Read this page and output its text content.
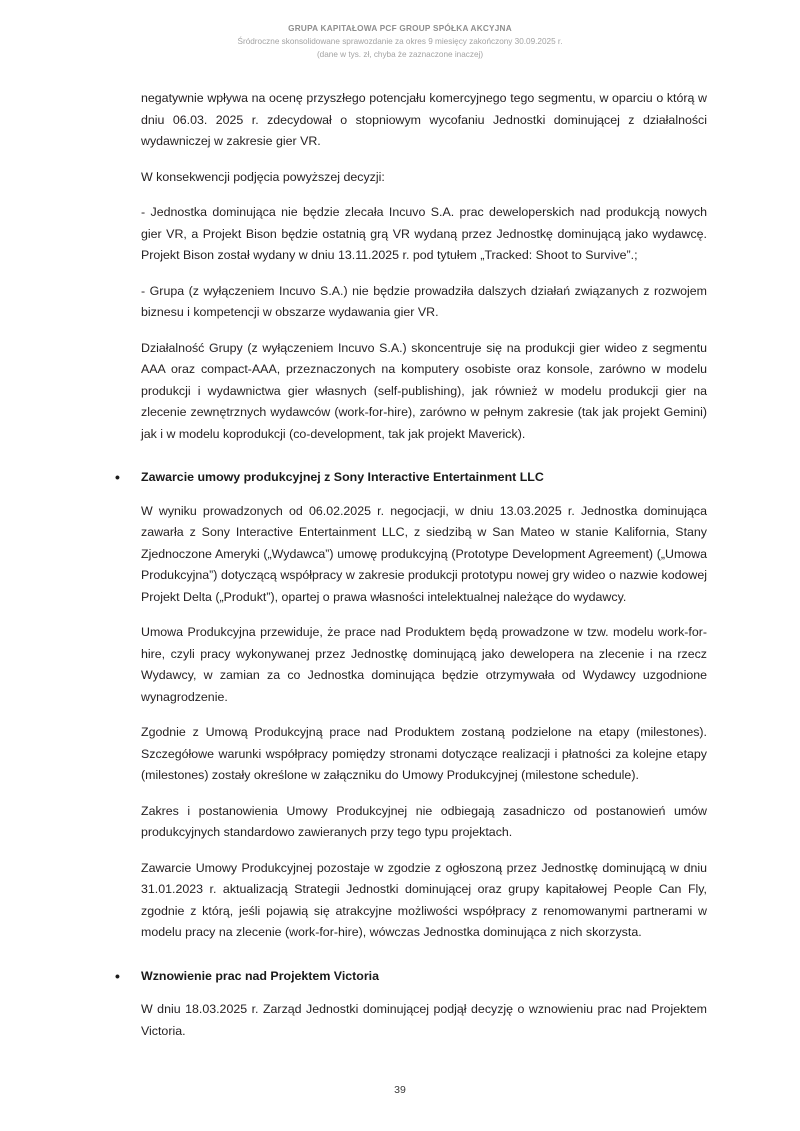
GRUPA KAPITAŁOWA PCF GROUP SPÓŁKA AKCYJNA
Śródroczne skonsolidowane sprawozdanie za okres 9 miesięcy zakończony 30.09.2025 r.
(dane w tys. zł, chyba że zaznaczone inaczej)

negatywnie wpływa na ocenę przyszłego potencjału komercyjnego tego segmentu, w oparciu o którą w dniu 06.03. 2025 r. zdecydował o stopniowym wycofaniu Jednostki dominującej z działalności wydawniczej w zakresie gier VR.

W konsekwencji podjęcia powyższej decyzji:

- Jednostka dominująca nie będzie zlecała Incuvo S.A. prac deweloperskich nad produkcją nowych gier VR, a Projekt Bison będzie ostatnią grą VR wydaną przez Jednostkę dominującą jako wydawcę. Projekt Bison został wydany w dniu 13.11.2025 r. pod tytułem „Tracked: Shoot to Survive”.;

- Grupa (z wyłączeniem Incuvo S.A.) nie będzie prowadziła dalszych działań związanych z rozwojem biznesu i kompetencji w obszarze wydawania gier VR.

Działalność Grupy (z wyłączeniem Incuvo S.A.) skoncentruje się na produkcji gier wideo z segmentu AAA oraz compact-AAA, przeznaczonych na komputery osobiste oraz konsole, zarówno w modelu produkcji i wydawnictwa gier własnych (self-publishing), jak również w modelu produkcji gier na zlecenie zewnętrznych wydawców (work-for-hire), zarówno w pełnym zakresie (tak jak projekt Gemini) jak i w modelu koprodukcji (co-development, tak jak projekt Maverick).

•	Zawarcie umowy produkcyjnej z Sony Interactive Entertainment LLC

W wyniku prowadzonych od 06.02.2025 r. negocjacji, w dniu 13.03.2025 r. Jednostka dominująca zawarła z Sony Interactive Entertainment LLC, z siedzibą w San Mateo w stanie Kalifornia, Stany Zjednoczone Ameryki („Wydawca”) umowę produkcyjną (Prototype Development Agreement) („Umowa Produkcyjna”) dotyczącą współpracy w zakresie produkcji prototypu nowej gry wideo o nazwie kodowej Projekt Delta („Produkt”), opartej o prawa własności intelektualnej należące do wydawcy.

Umowa Produkcyjna przewiduje, że prace nad Produktem będą prowadzone w tzw. modelu work-for-hire, czyli pracy wykonywanej przez Jednostkę dominującą jako dewelopera na zlecenie i na rzecz Wydawcy, w zamian za co Jednostka dominująca będzie otrzymywała od Wydawcy uzgodnione wynagrodzenie.

Zgodnie z Umową Produkcyjną prace nad Produktem zostaną podzielone na etapy (milestones). Szczegółowe warunki współpracy pomiędzy stronami dotyczące realizacji i płatności za kolejne etapy (milestones) zostały określone w załączniku do Umowy Produkcyjnej (milestone schedule).

Zakres i postanowienia Umowy Produkcyjnej nie odbiegają zasadniczo od postanowień umów produkcyjnych standardowo zawieranych przy tego typu projektach.

Zawarcie Umowy Produkcyjnej pozostaje w zgodzie z ogłoszoną przez Jednostkę dominującą w dniu 31.01.2023 r. aktualizacją Strategii Jednostki dominującej oraz grupy kapitałowej People Can Fly, zgodnie z którą, jeśli pojawią się atrakcyjne możliwości współpracy z renomowanymi partnerami w modelu pracy na zlecenie (work-for-hire), wówczas Jednostka dominująca z nich skorzysta.

•	Wznowienie prac nad Projektem Victoria

W dniu 18.03.2025 r. Zarząd Jednostki dominującej podjął decyzję o wznowieniu prac nad Projektem Victoria.

39
